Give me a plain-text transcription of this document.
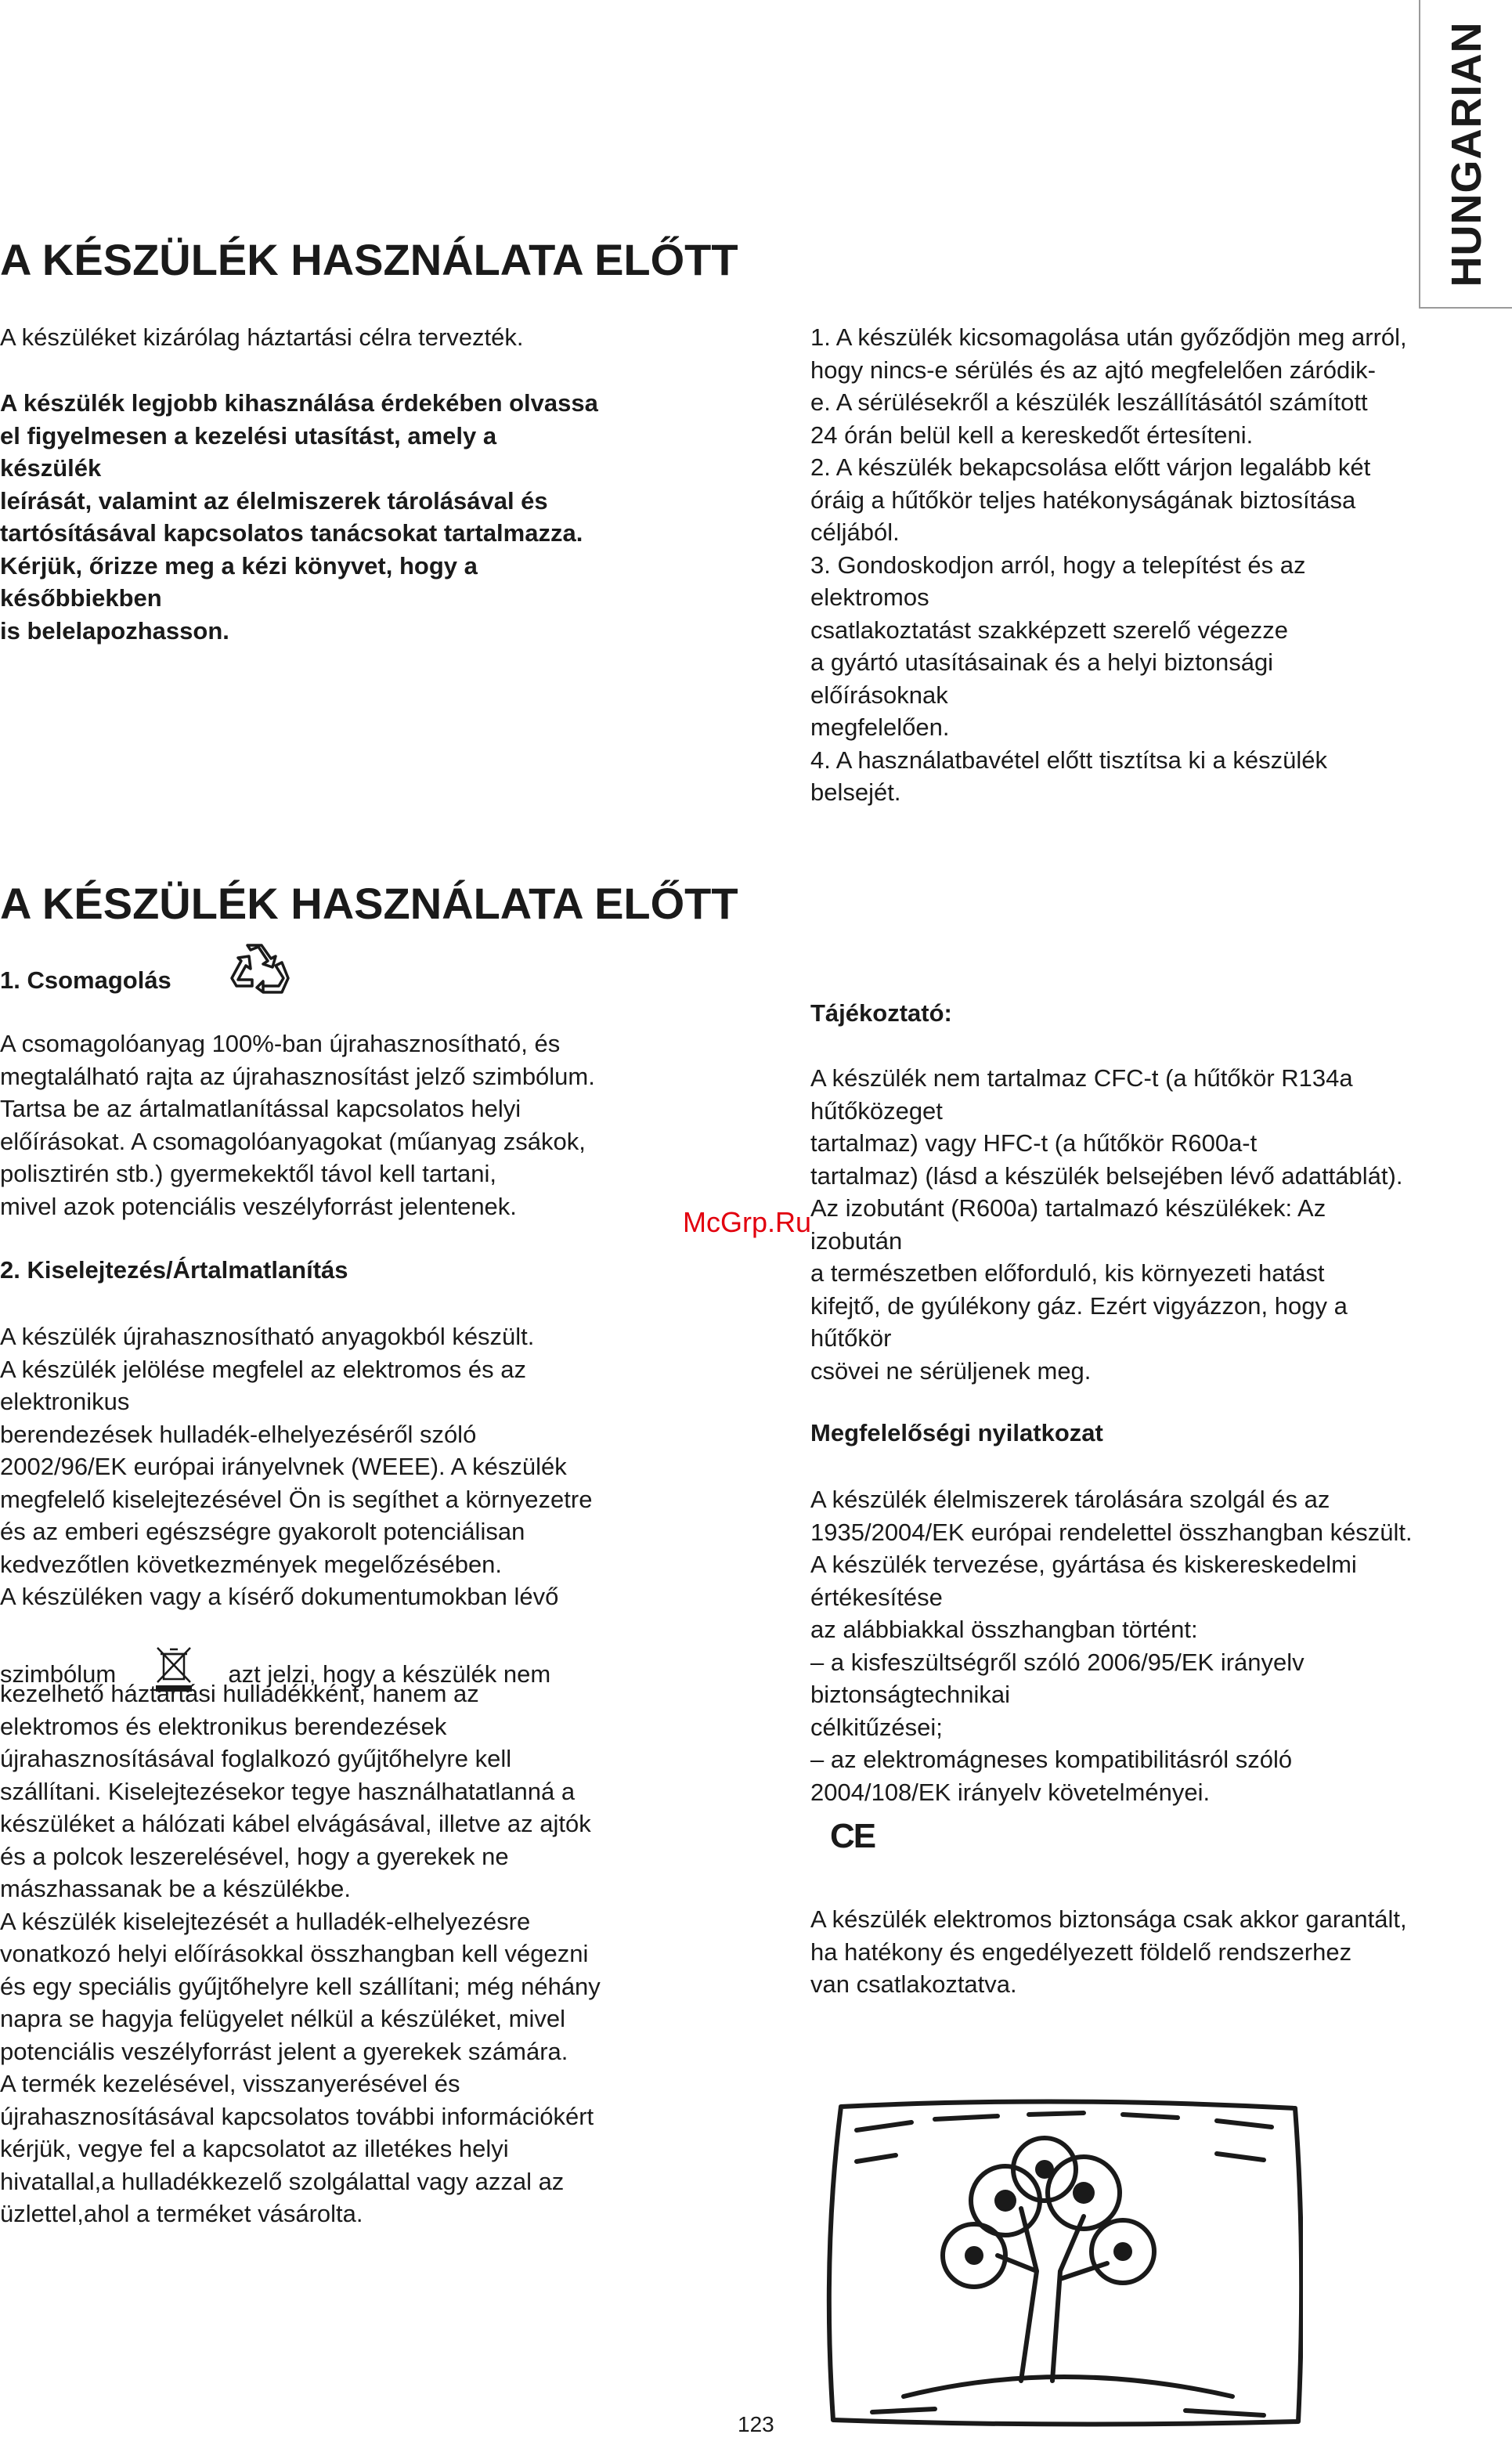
HUNGARIAN
A KÉSZÜLÉK HASZNÁLATA ELŐTT
A készüléket kizárólag háztartási célra tervezték.
A készülék legjobb kihasználása érdekében olvassa
el figyelmesen a kezelési utasítást, amely a
készülék
leírását, valamint az élelmiszerek tárolásával és
tartósításával kapcsolatos tanácsokat tartalmazza.
Kérjük, őrizze meg a kézi könyvet, hogy a
későbbiekben
is belelapozhasson.
1. A készülék kicsomagolása után győződjön meg arról,
hogy nincs-e sérülés és az ajtó megfelelően záródik-
e. A sérülésekről a készülék leszállításától számított
24 órán belül kell a kereskedőt értesíteni.
2. A készülék bekapcsolása előtt várjon legalább két
óráig a hűtőkör teljes hatékonyságának biztosítása
céljából.
3. Gondoskodjon arról, hogy a telepítést és az
elektromos
csatlakoztatást szakképzett szerelő végezze
a gyártó utasításainak és a helyi biztonsági
előírásoknak
megfelelően.
4. A használatbavétel előtt tisztítsa ki a készülék
belsejét.
A KÉSZÜLÉK HASZNÁLATA ELŐTT
1. Csomagolás
A csomagolóanyag 100%-ban újrahasznosítható, és
megtalálható rajta az újrahasznosítást jelző szimbólum.
Tartsa be az ártalmatlanítással kapcsolatos helyi
előírásokat. A csomagolóanyagokat (műanyag zsákok,
polisztirén stb.) gyermekektől távol kell tartani,
mivel azok potenciális veszélyforrást jelentenek.
2. Kiselejtezés/Ártalmatlanítás
A készülék újrahasznosítható anyagokból készült.
A készülék jelölése megfelel az elektromos és az
elektronikus
berendezések hulladék-elhelyezéséről szóló
2002/96/EK európai irányelvnek (WEEE). A készülék
megfelelő kiselejtezésével Ön is segíthet a környezetre
és az emberi egészségre gyakorolt potenciálisan
kedvezőtlen következmények megelőzésében.
A készüléken vagy a kísérő dokumentumokban lévő
szimbólum	azt jelzi, hogy a készülék nem
kezelhető háztartási hulladékként, hanem az
elektromos és elektronikus berendezések
újrahasznosításával foglalkozó gyűjtőhelyre kell
szállítani. Kiselejtezésekor tegye használhatatlanná a
készüléket a hálózati kábel elvágásával, illetve az ajtók
és a polcok leszerelésével, hogy a gyerekek ne
mászhassanak be a készülékbe.
A készülék kiselejtezését a hulladék-elhelyezésre
vonatkozó helyi előírásokkal összhangban kell végezni
és egy speciális gyűjtőhelyre kell szállítani; még néhány
napra se hagyja felügyelet nélkül a készüléket, mivel
potenciális veszélyforrást jelent a gyerekek számára.
A termék kezelésével, visszanyerésével és
újrahasznosításával kapcsolatos további információkért
kérjük, vegye fel a kapcsolatot az illetékes helyi
hivatallal,a hulladékkezelő szolgálattal vagy azzal az
üzlettel,ahol a terméket vásárolta.
Tájékoztató:
A készülék nem tartalmaz CFC-t (a hűtőkör R134a
hűtőközeget
tartalmaz) vagy HFC-t (a hűtőkör R600a-t
tartalmaz) (lásd a készülék belsejében lévő adattáblát).
Az izobutánt (R600a) tartalmazó készülékek: Az
izobután
a természetben előforduló, kis környezeti hatást
kifejtő, de gyúlékony gáz. Ezért vigyázzon, hogy a
hűtőkör
csövei ne sérüljenek meg.
Megfelelőségi nyilatkozat
A készülék élelmiszerek tárolására szolgál és az
1935/2004/EK európai rendelettel összhangban készült.
A készülék tervezése, gyártása és kiskereskedelmi
értékesítése
az alábbiakkal összhangban történt:
– a kisfeszültségről szóló 2006/95/EK irányelv
biztonságtechnikai
célkitűzései;
– az elektromágneses kompatibilitásról szóló
2004/108/EK irányelv követelményei.
CE
A készülék elektromos biztonsága csak akkor garantált,
ha hatékony és engedélyezett földelő rendszerhez
van csatlakoztatva.
McGrp.Ru
123
